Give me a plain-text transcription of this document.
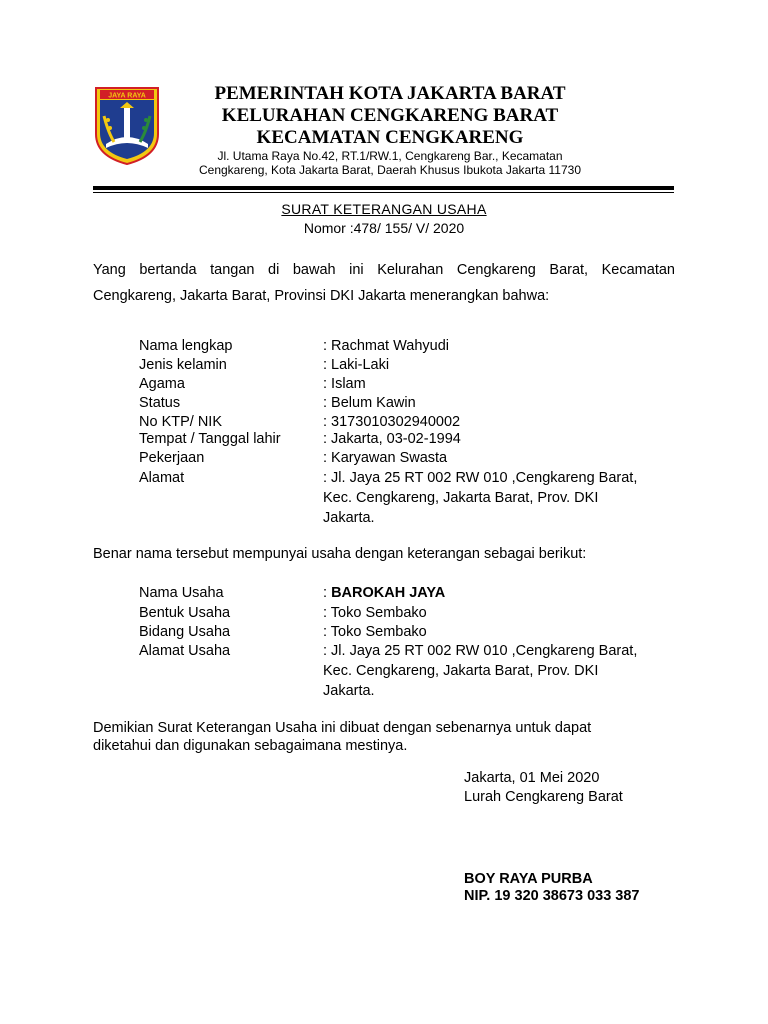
JAYA RAYA	PEMERINTAH KOTA JAKARTA BARAT
KELURAHAN CENGKARENG BARAT
KECAMATAN CENGKARENG
Jl. Utama Raya No.42, RT.1/RW.1, Cengkareng Bar., Kecamatan
Cengkareng, Kota Jakarta Barat, Daerah Khusus Ibukota Jakarta 11730
SURAT KETERANGAN USAHA
Nomor :478/ 155/ V/ 2020
Yang bertanda tangan di bawah ini Kelurahan Cengkareng Barat, Kecamatan
Cengkareng, Jakarta Barat, Provinsi DKI Jakarta menerangkan bahwa:
Nama lengkap	: Rachmat Wahyudi
Jenis kelamin	: Laki-Laki
Agama	: Islam
Status	: Belum Kawin
No KTP/ NIK	: 3173010302940002
Tempat / Tanggal lahir	: Jakarta, 03-02-1994
Pekerjaan	: Karyawan Swasta
Alamat	: Jl. Jaya 25 RT 002 RW 010 ,Cengkareng Barat,
Kec. Cengkareng, Jakarta Barat, Prov. DKI
Jakarta.
Benar nama tersebut mempunyai usaha dengan keterangan sebagai berikut:
Nama Usaha	: BAROKAH JAYA
Bentuk Usaha	: Toko Sembako
Bidang Usaha	: Toko Sembako
Alamat Usaha	: Jl. Jaya 25 RT 002 RW 010 ,Cengkareng Barat,
Kec. Cengkareng, Jakarta Barat, Prov. DKI
Jakarta.
Demikian Surat Keterangan Usaha ini dibuat dengan sebenarnya untuk dapat
diketahui dan digunakan sebagaimana mestinya.
Jakarta, 01 Mei 2020
Lurah Cengkareng Barat
BOY RAYA PURBA
NIP. 19 320 38673 033 387
